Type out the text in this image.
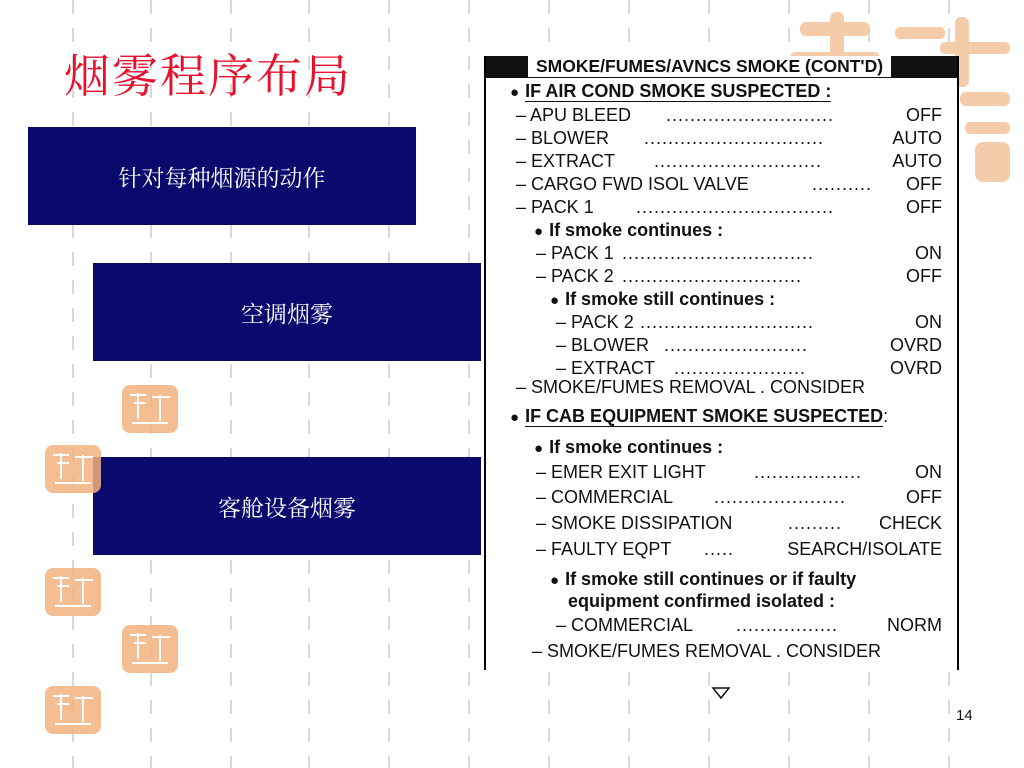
烟雾程序布局
针对每种烟源的动作
空调烟雾
客舱设备烟雾
SMOKE/FUMES/AVNCS SMOKE (CONT'D)
● IF AIR COND SMOKE SUSPECTED :
– APU BLEED ............................	OFF
– BLOWER ..............................	AUTO
– EXTRACT ............................	AUTO
– CARGO FWD ISOL VALVE	.......... OFF
– PACK 1 .................................	OFF
● If smoke continues :
– PACK 1 ................................	ON
– PACK 2 ..............................	OFF
● If smoke still continues :
– PACK 2 .............................	ON
– BLOWER ........................	OVRD
– EXTRACT ......................	OVRD
– SMOKE/FUMES REMOVAL . CONSIDER
● IF CAB EQUIPMENT SMOKE SUSPECTED:
● If smoke continues :
– EMER EXIT LIGHT	..................	ON
– COMMERCIAL ......................	OFF
– SMOKE DISSIPATION	......... CHECK
– FAULTY EQPT .....	SEARCH/ISOLATE
● If smoke still continues or if faulty
equipment confirmed isolated :
– COMMERCIAL .................	NORM
– SMOKE/FUMES REMOVAL . CONSIDER
14
